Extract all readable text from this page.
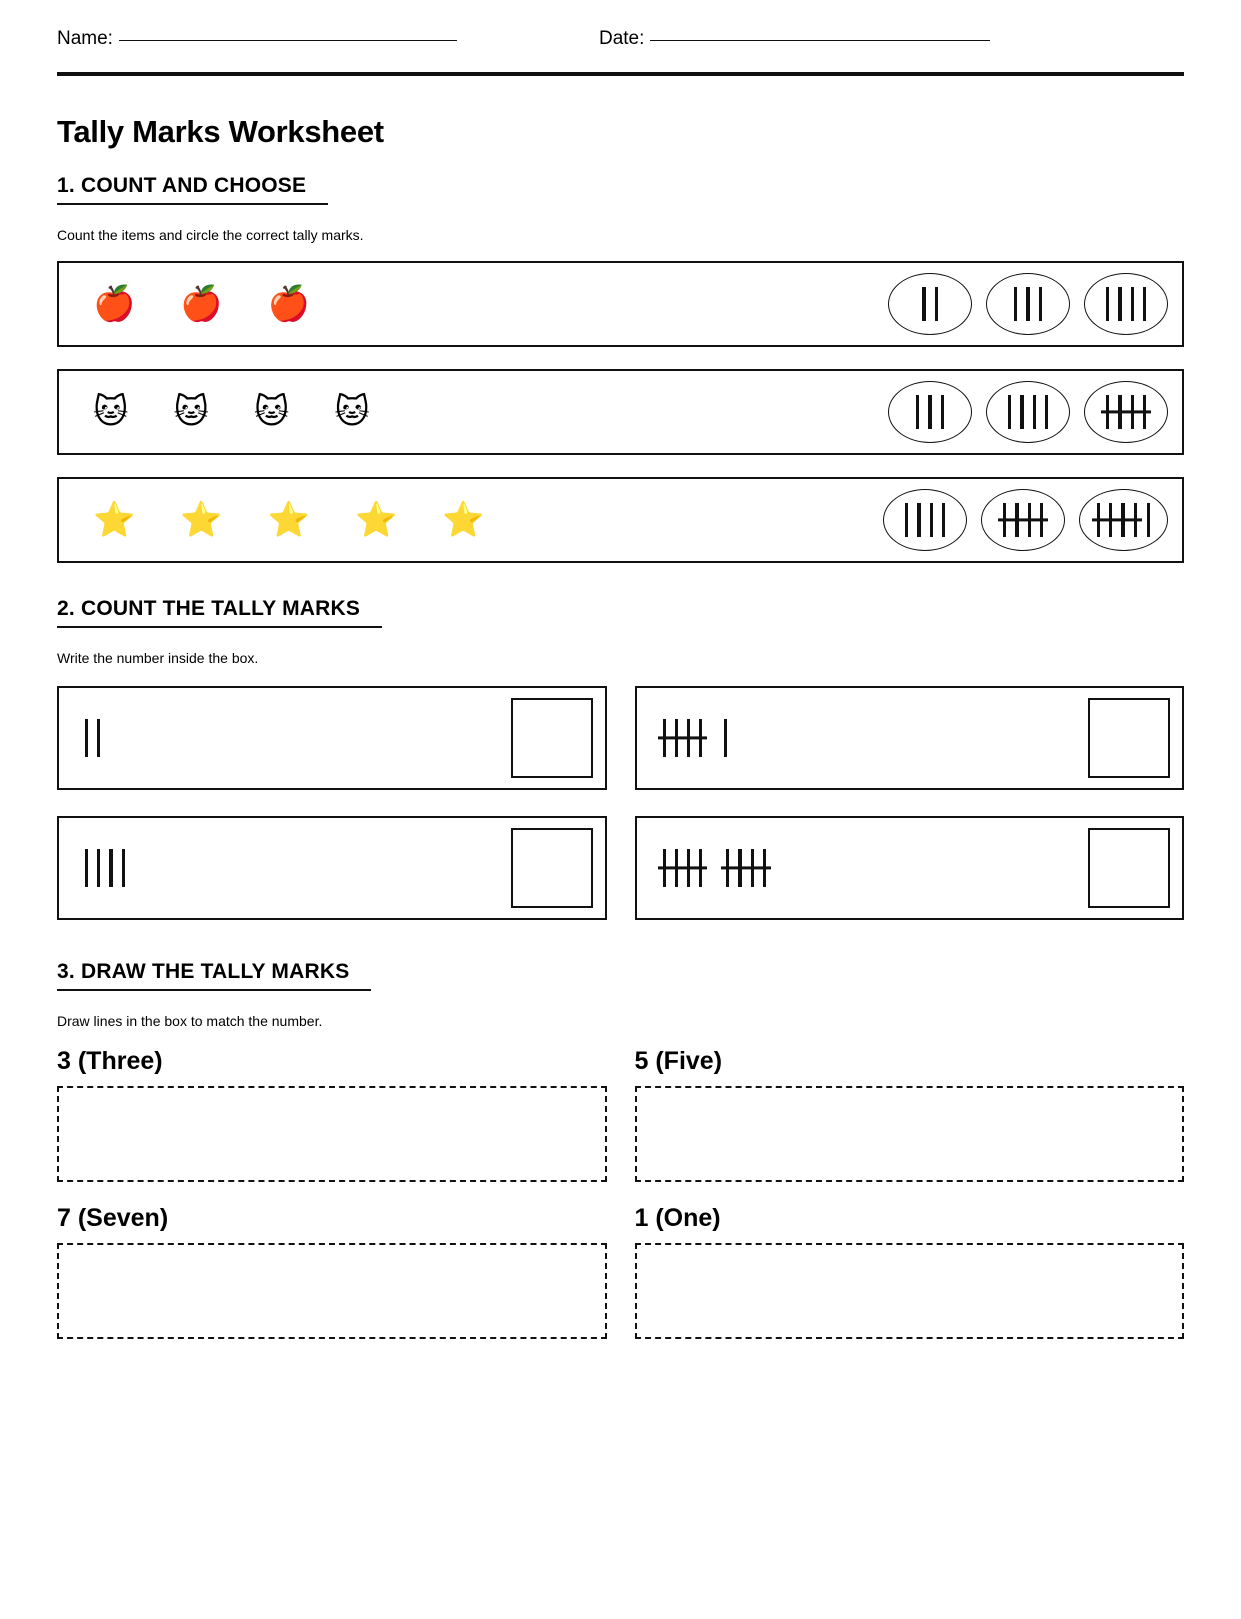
Name:	Date:
Tally Marks Worksheet
1. COUNT AND CHOOSE
Count the items and circle the correct tally marks.
🍎 🍎 🍎
🐱 🐱 🐱 🐱
⭐ ⭐ ⭐ ⭐ ⭐
2. COUNT THE TALLY MARKS
Write the number inside the box.
3. DRAW THE TALLY MARKS
Draw lines in the box to match the number.
3 (Three)	5 (Five)
7 (Seven)	1 (One)
